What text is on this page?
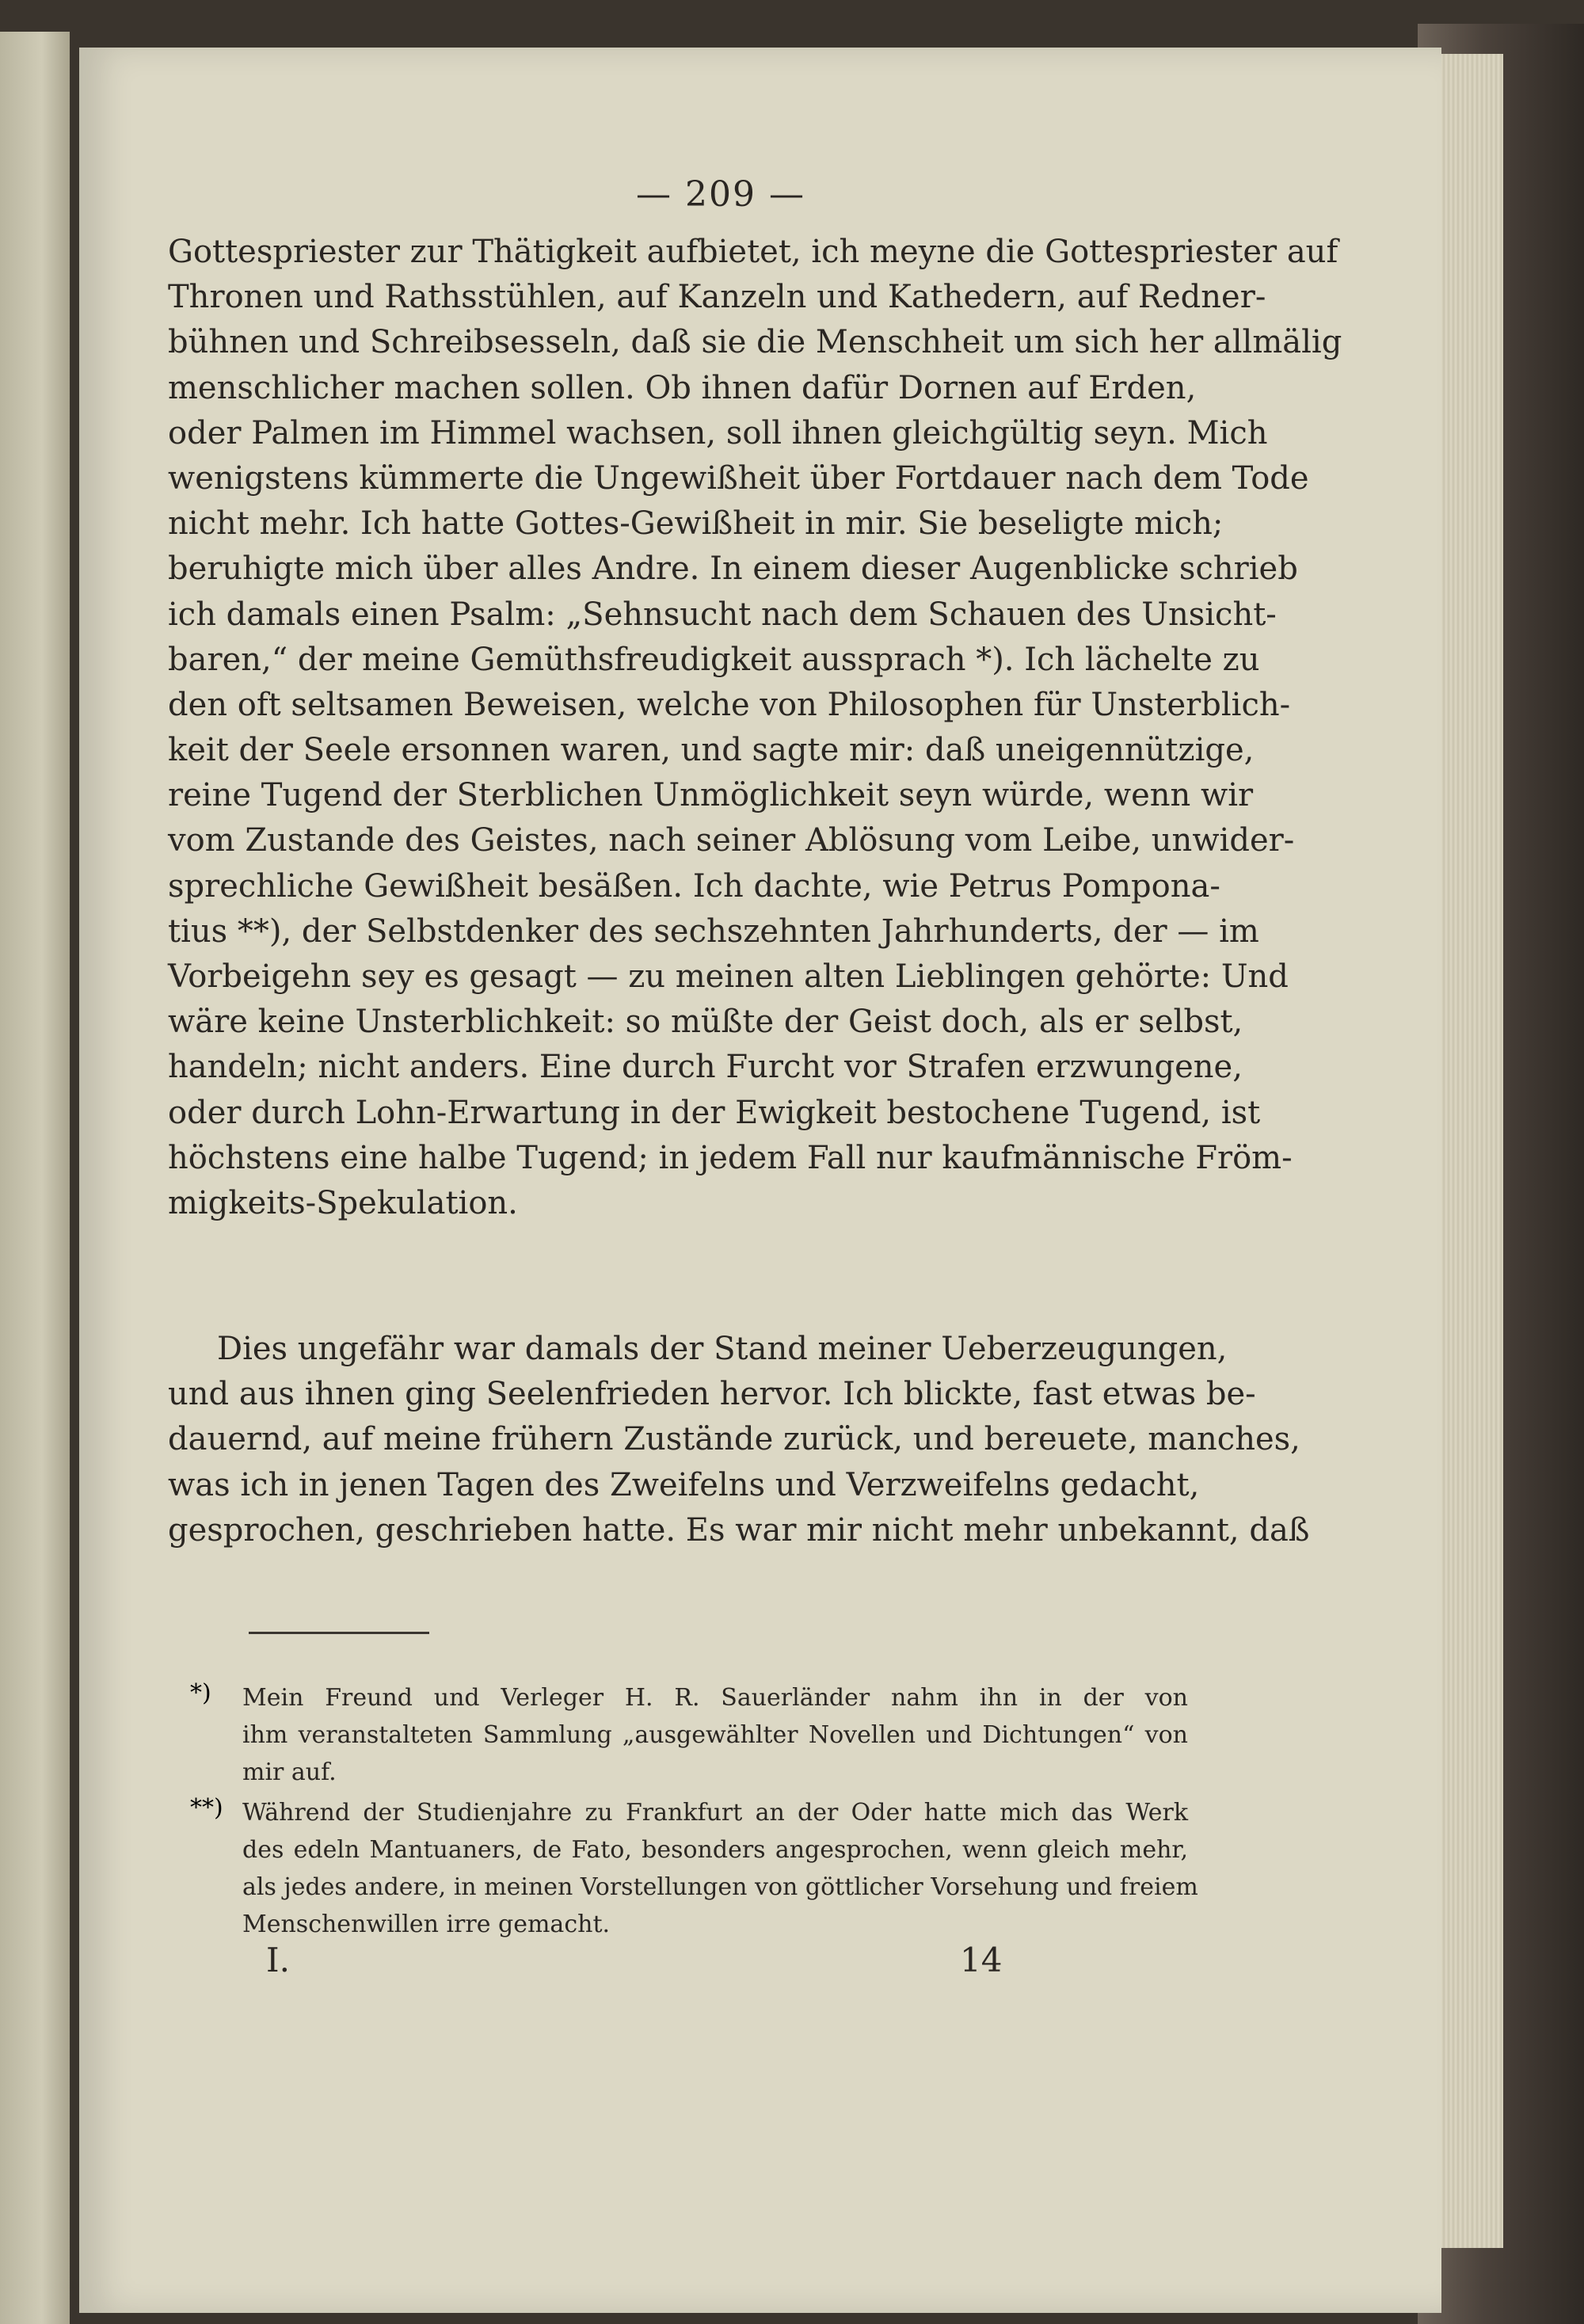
— 209 —
Gottespriester zur Thätigkeit aufbietet, ich meyne die Gottespriester auf
Thronen und Rathsstühlen, auf Kanzeln und Kathedern, auf Redner-
bühnen und Schreibsesseln, daß sie die Menschheit um sich her allmälig
menschlicher machen sollen. Ob ihnen dafür Dornen auf Erden,
oder Palmen im Himmel wachsen, soll ihnen gleichgültig seyn. Mich
wenigstens kümmerte die Ungewißheit über Fortdauer nach dem Tode
nicht mehr. Ich hatte Gottes-Gewißheit in mir. Sie beseligte mich;
beruhigte mich über alles Andre. In einem dieser Augenblicke schrieb
ich damals einen Psalm: „Sehnsucht nach dem Schauen des Unsicht-
baren,“ der meine Gemüthsfreudigkeit aussprach *). Ich lächelte zu
den oft seltsamen Beweisen, welche von Philosophen für Unsterblich-
keit der Seele ersonnen waren, und sagte mir: daß uneigennützige,
reine Tugend der Sterblichen Unmöglichkeit seyn würde, wenn wir
vom Zustande des Geistes, nach seiner Ablösung vom Leibe, unwider-
sprechliche Gewißheit besäßen. Ich dachte, wie Petrus Pompona-
tius **), der Selbstdenker des sechszehnten Jahrhunderts, der — im
Vorbeigehn sey es gesagt — zu meinen alten Lieblingen gehörte: Und
wäre keine Unsterblichkeit: so müßte der Geist doch, als er selbst,
handeln; nicht anders. Eine durch Furcht vor Strafen erzwungene,
oder durch Lohn-Erwartung in der Ewigkeit bestochene Tugend, ist
höchstens eine halbe Tugend; in jedem Fall nur kaufmännische Fröm-
migkeits-Spekulation.
Dies ungefähr war damals der Stand meiner Ueberzeugungen,
und aus ihnen ging Seelenfrieden hervor. Ich blickte, fast etwas be-
dauernd, auf meine frühern Zustände zurück, und bereuete, manches,
was ich in jenen Tagen des Zweifelns und Verzweifelns gedacht,
gesprochen, geschrieben hatte. Es war mir nicht mehr unbekannt, daß
*) Mein Freund und Verleger H. R. Sauerländer nahm ihn in der von
ihm veranstalteten Sammlung „ausgewählter Novellen und Dichtungen“ von
mir auf.
**) Während der Studienjahre zu Frankfurt an der Oder hatte mich das Werk
des edeln Mantuaners, de Fato, besonders angesprochen, wenn gleich mehr,
als jedes andere, in meinen Vorstellungen von göttlicher Vorsehung und freiem
Menschenwillen irre gemacht.
I.	14
